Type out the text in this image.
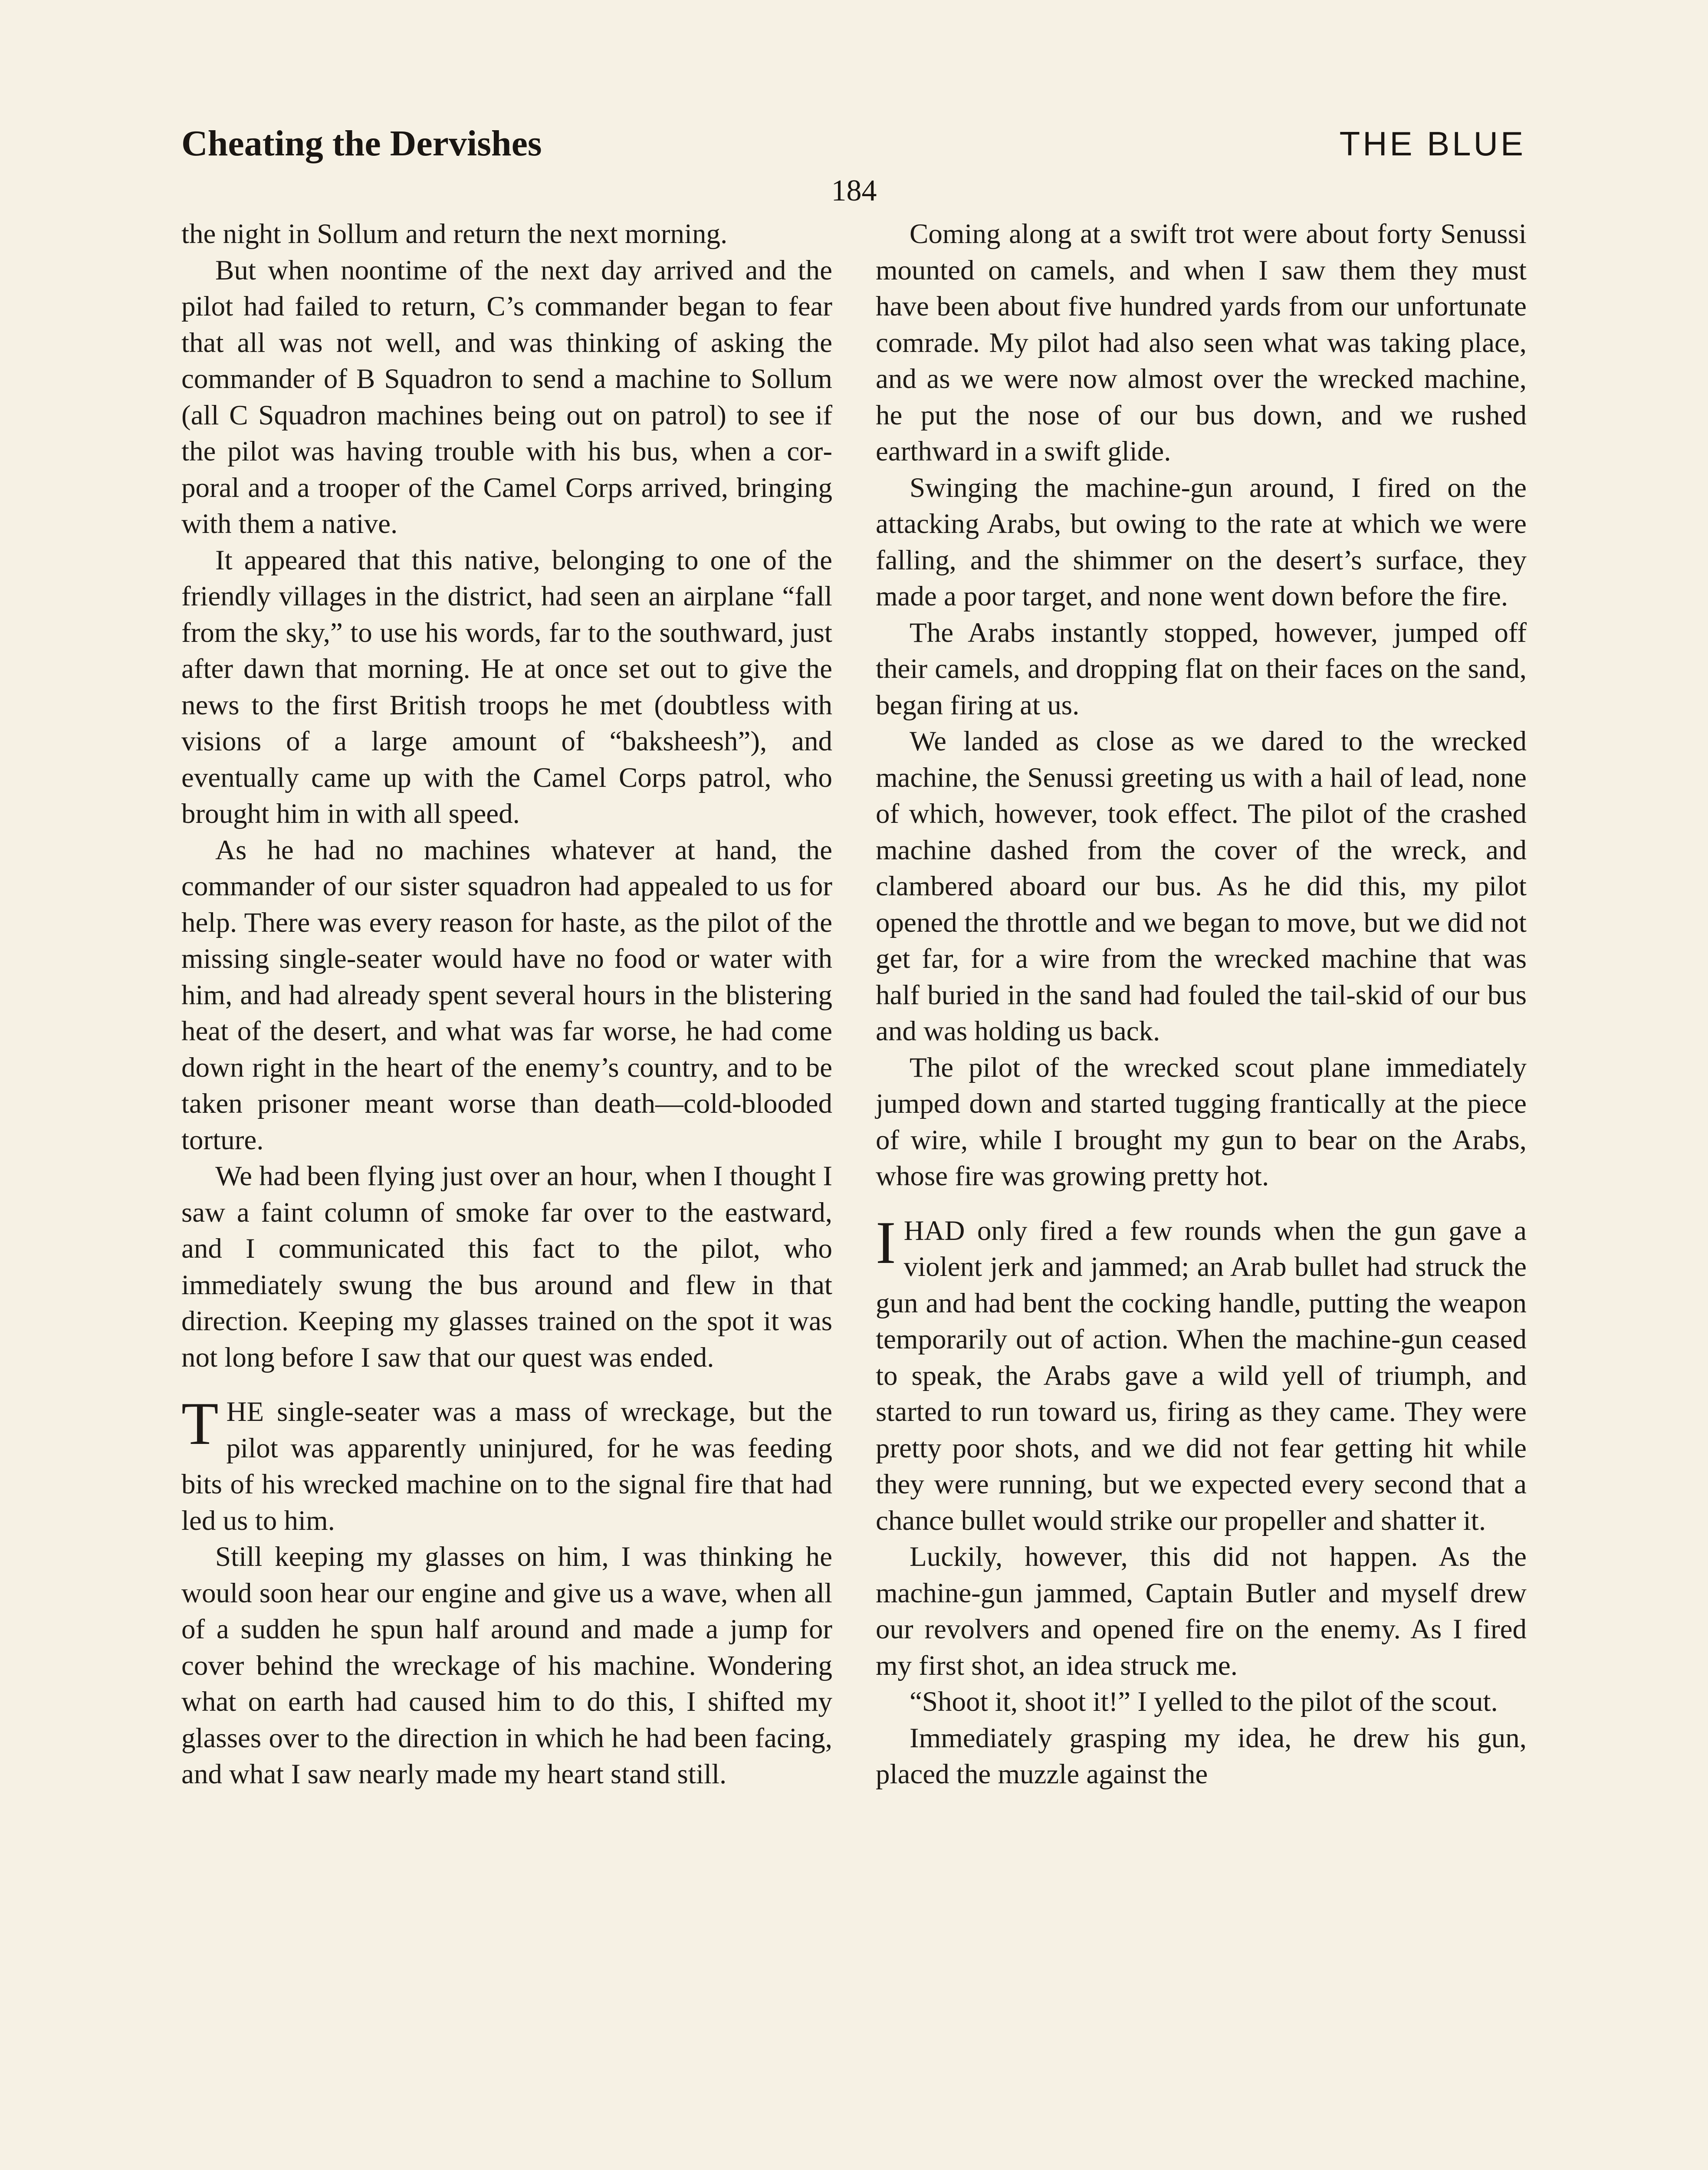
Cheating the Dervishes	THE BLUE
184

the night in Sollum and return the next morning.

But when noontime of the next day arrived and the pilot had failed to return, C’s commander began to fear that all was not well, and was thinking of asking the commander of B Squadron to send a machine to Sollum (all C Squadron machines being out on patrol) to see if the pilot was having trouble with his bus, when a corporal and a trooper of the Camel Corps arrived, bringing with them a native.

It appeared that this native, belonging to one of the friendly villages in the district, had seen an airplane “fall from the sky,” to use his words, far to the southward, just after dawn that morning. He at once set out to give the news to the first British troops he met (doubtless with visions of a large amount of “baksheesh”), and eventually came up with the Camel Corps patrol, who brought him in with all speed.

As he had no machines whatever at hand, the commander of our sister squadron had appealed to us for help. There was every reason for haste, as the pilot of the missing single-seater would have no food or water with him, and had already spent several hours in the blistering heat of the desert, and what was far worse, he had come down right in the heart of the enemy’s country, and to be taken prisoner meant worse than death—cold-blooded torture.

We had been flying just over an hour, when I thought I saw a faint column of smoke far over to the eastward, and I communicated this fact to the pilot, who immediately swung the bus around and flew in that direction. Keeping my glasses trained on the spot it was not long before I saw that our quest was ended.

THE single-seater was a mass of wreckage, but the pilot was apparently uninjured, for he was feeding bits of his wrecked machine on to the signal fire that had led us to him.

Still keeping my glasses on him, I was thinking he would soon hear our engine and give us a wave, when all of a sudden he spun half around and made a jump for cover behind the wreckage of his machine. Wondering what on earth had caused him to do this, I shifted my glasses over to the direction in which he had been facing, and what I saw nearly made my heart stand still.

Coming along at a swift trot were about forty Senussi mounted on camels, and when I saw them they must have been about five hundred yards from our unfortunate comrade. My pilot had also seen what was taking place, and as we were now almost over the wrecked machine, he put the nose of our bus down, and we rushed earthward in a swift glide.

Swinging the machine-gun around, I fired on the attacking Arabs, but owing to the rate at which we were falling, and the shimmer on the desert’s surface, they made a poor target, and none went down before the fire.

The Arabs instantly stopped, however, jumped off their camels, and dropping flat on their faces on the sand, began firing at us.

We landed as close as we dared to the wrecked machine, the Senussi greeting us with a hail of lead, none of which, however, took effect. The pilot of the crashed machine dashed from the cover of the wreck, and clambered aboard our bus. As he did this, my pilot opened the throttle and we began to move, but we did not get far, for a wire from the wrecked machine that was half buried in the sand had fouled the tail-skid of our bus and was holding us back.

The pilot of the wrecked scout plane immediately jumped down and started tugging frantically at the piece of wire, while I brought my gun to bear on the Arabs, whose fire was growing pretty hot.

IHAD only fired a few rounds when the gun gave a violent jerk and jammed; an Arab bullet had struck the gun and had bent the cocking handle, putting the weapon temporarily out of action. When the machine-gun ceased to speak, the Arabs gave a wild yell of triumph, and started to run toward us, firing as they came. They were pretty poor shots, and we did not fear getting hit while they were running, but we expected every second that a chance bullet would strike our propeller and shatter it.

Luckily, however, this did not happen. As the machine-gun jammed, Captain Butler and myself drew our revolvers and opened fire on the enemy. As I fired my first shot, an idea struck me.

“Shoot it, shoot it!” I yelled to the pilot of the scout.

Immediately grasping my idea, he drew his gun, placed the muzzle against the
